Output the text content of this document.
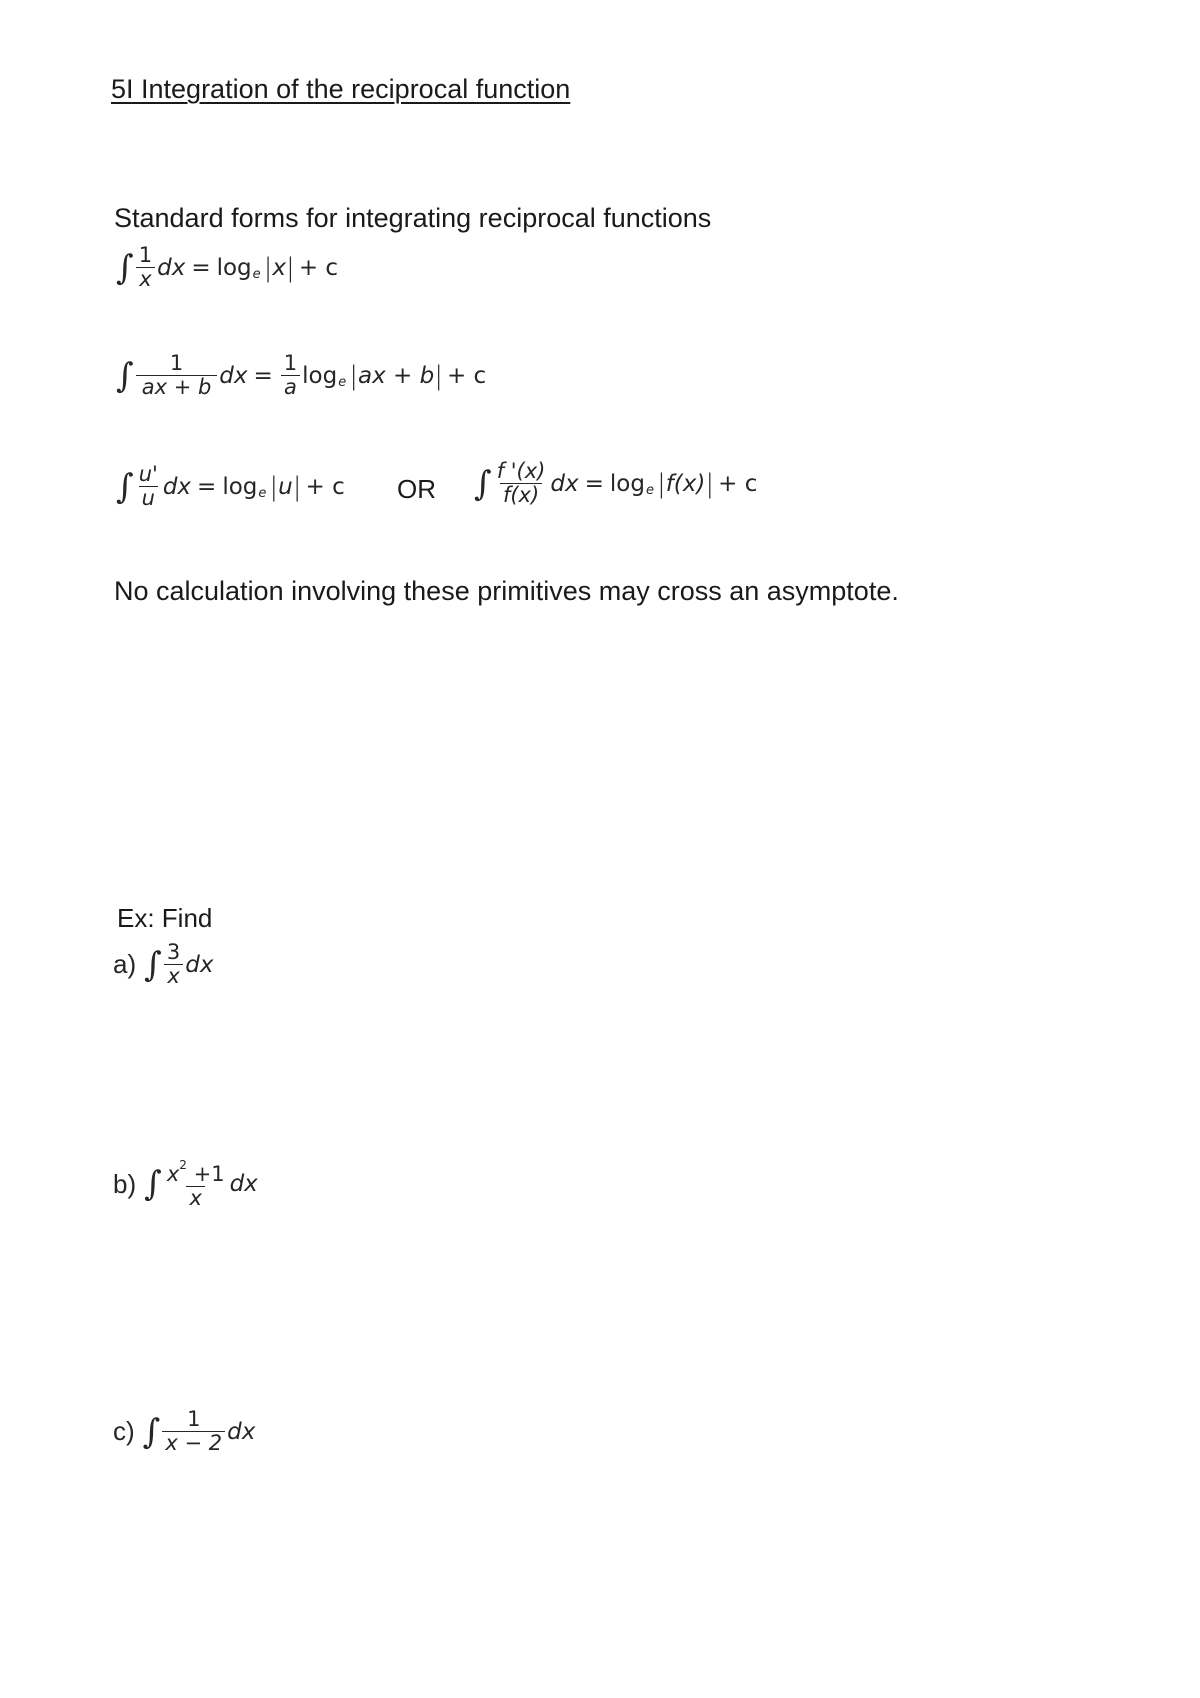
5I Integration of the reciprocal function
Standard forms for integrating reciprocal functions
∫ $\frac{1}{x}$ dx = log e | x | + c
∫ $\frac{1}{ax + b}$ dx = $\frac{1}{a}$ log e | ax + b | + c
∫ $\frac{u'}{u}$ dx = log e | u | + c OR ∫ $\frac{f '(x)}{f(x)}$ dx = log e | f(x) | + c
No calculation involving these primitives may cross an asymptote.
Ex: Find
a) ∫ $\frac{3}{x}$ dx
b) ∫ $\frac{x^2 +1}{x}$ dx
c) ∫ $\frac{1}{x - 2}$ dx
